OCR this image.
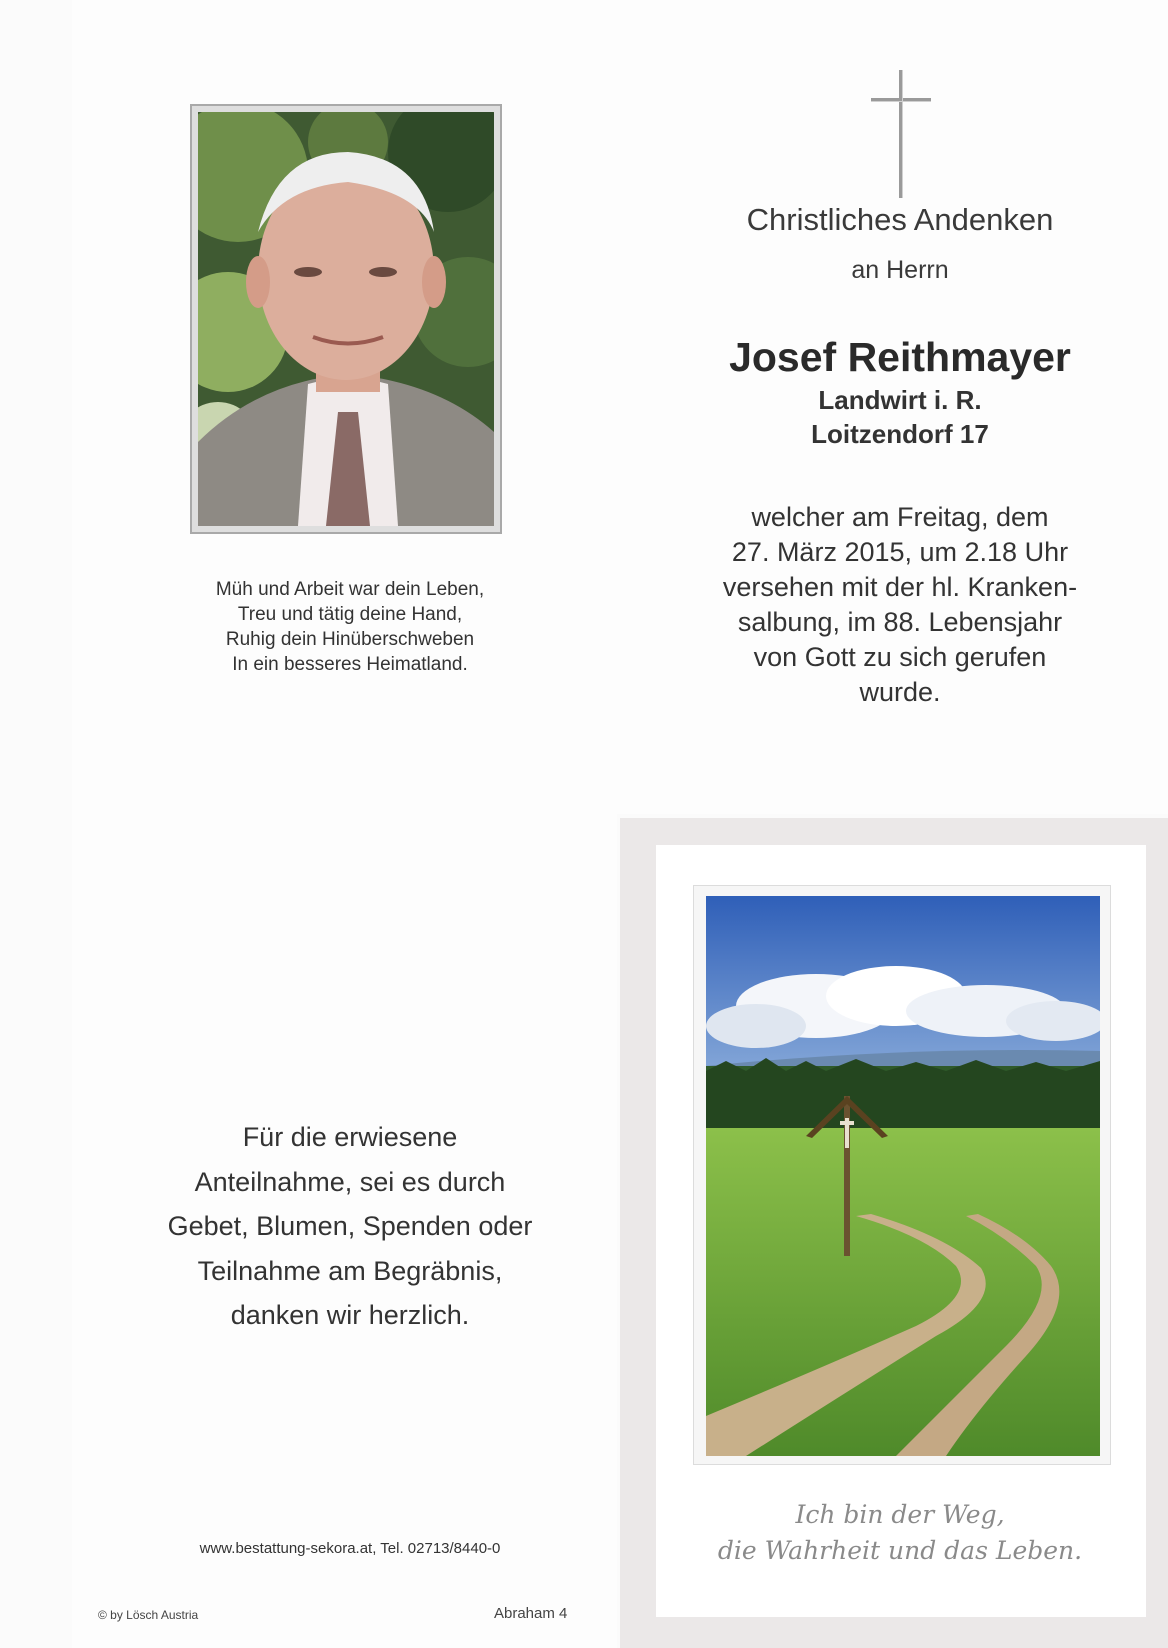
Müh und Arbeit war dein Leben,
Treu und tätig deine Hand,
Ruhig dein Hinüberschweben
In ein besseres Heimatland.
Christliches Andenken
an Herrn
Josef Reithmayer
Landwirt i. R.
Loitzendorf 17
welcher am Freitag, dem
27. März 2015, um 2.18 Uhr
versehen mit der hl. Kranken-
salbung, im 88. Lebensjahr
von Gott zu sich gerufen
wurde.
Für die erwiesene
Anteilnahme, sei es durch
Gebet, Blumen, Spenden oder
Teilnahme am Begräbnis,
danken wir herzlich.
www.bestattung-sekora.at, Tel. 02713/8440-0
© by Lösch Austria	Abraham 4
Ich bin der Weg,
die Wahrheit und das Leben.
